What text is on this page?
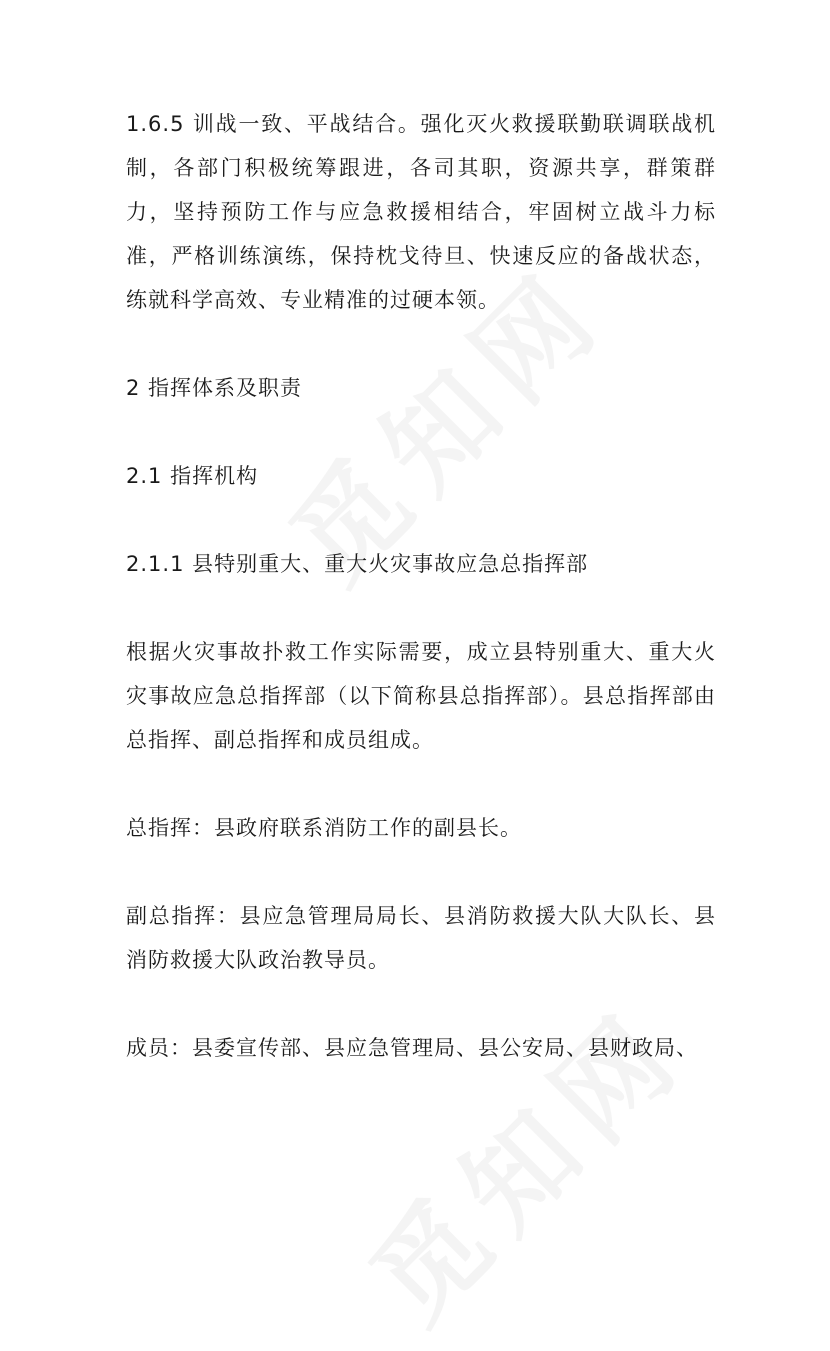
1.6.5 训战一致、平战结合。强化灭火救援联勤联调联战机制，各部门积极统筹跟进，各司其职，资源共享，群策群力，坚持预防工作与应急救援相结合，牢固树立战斗力标准，严格训练演练，保持枕戈待旦、快速反应的备战状态，练就科学高效、专业精准的过硬本领。

2 指挥体系及职责

2.1 指挥机构

2.1.1 县特别重大、重大火灾事故应急总指挥部

根据火灾事故扑救工作实际需要，成立县特别重大、重大火灾事故应急总指挥部（以下简称县总指挥部）。县总指挥部由总指挥、副总指挥和成员组成。

总指挥：县政府联系消防工作的副县长。

副总指挥：县应急管理局局长、县消防救援大队大队长、县消防救援大队政治教导员。

成员：县委宣传部、县应急管理局、县公安局、县财政局、
